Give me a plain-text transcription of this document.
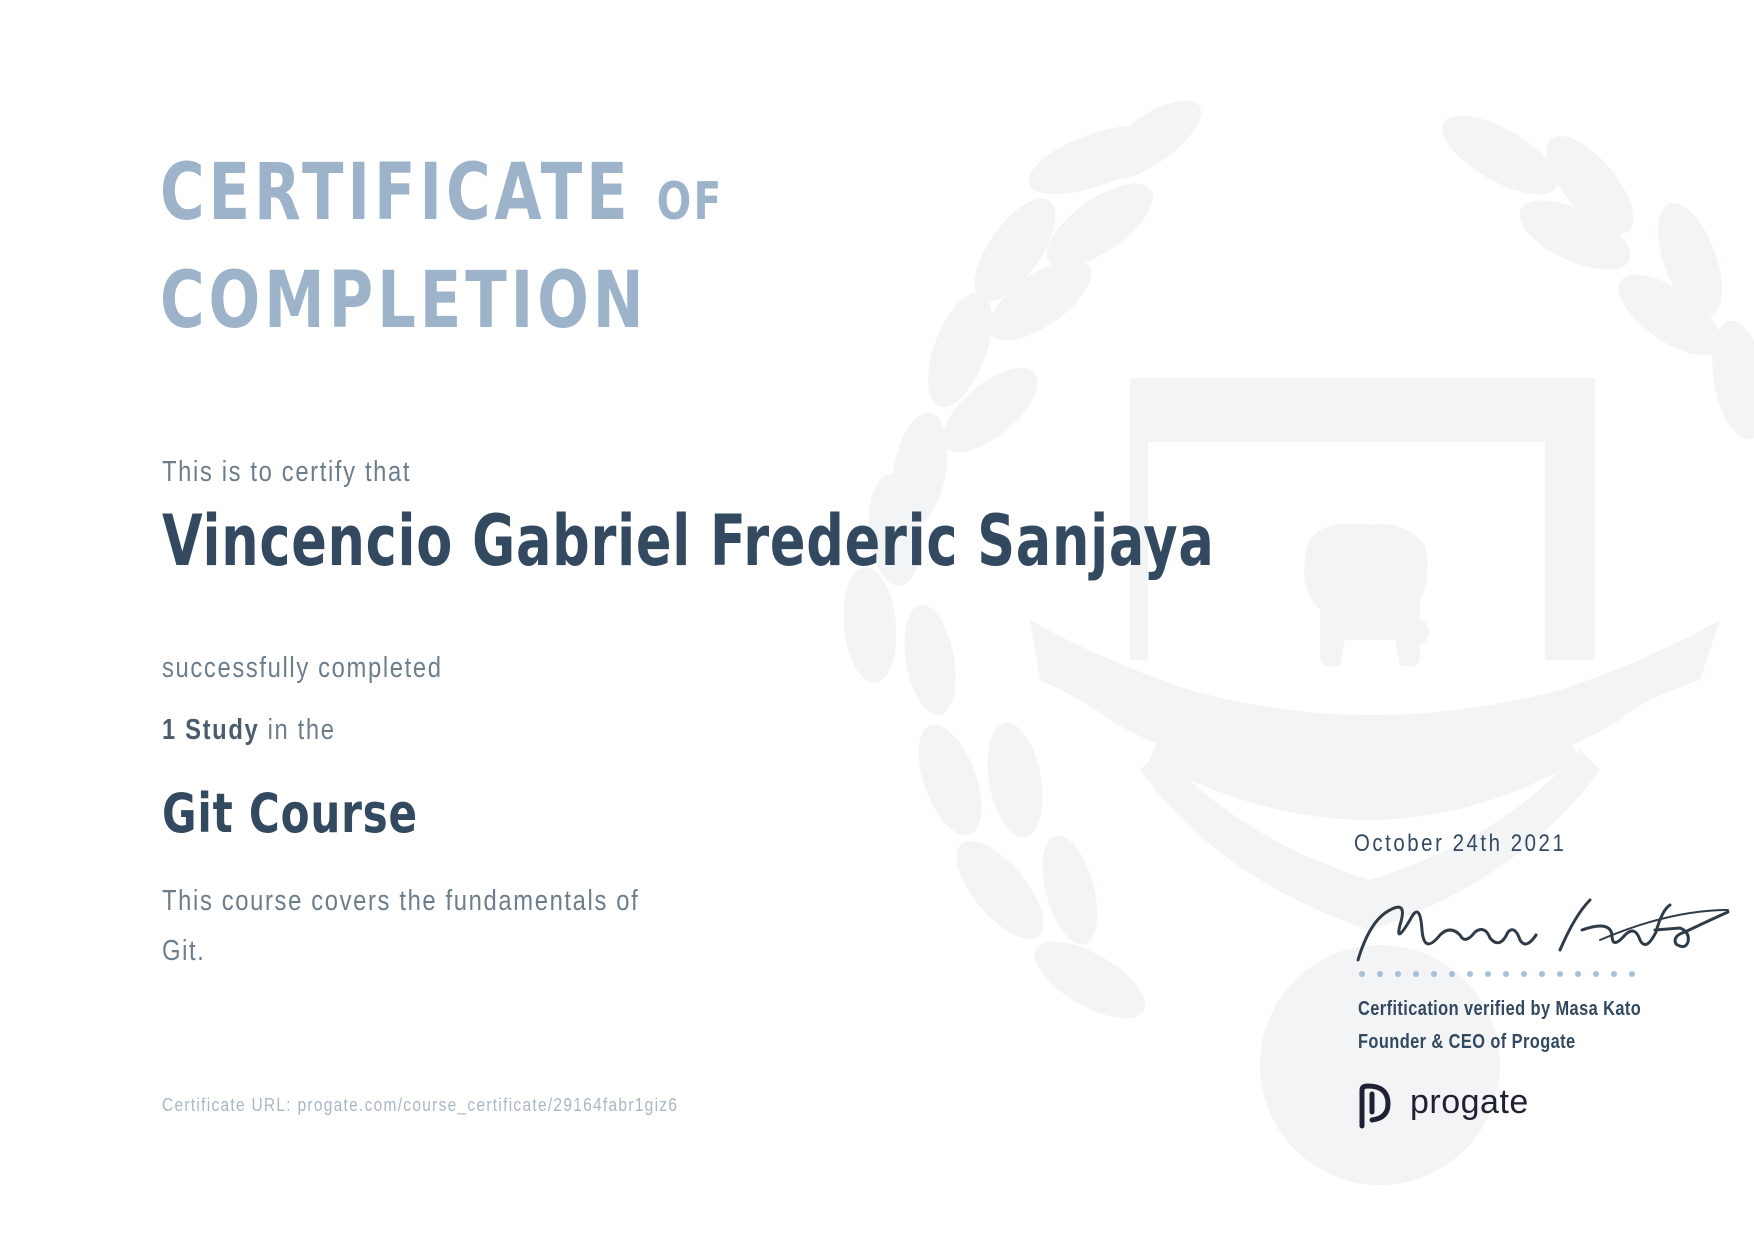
CERTIFICATE OF
COMPLETION
This is to certify that
Vincencio Gabriel Frederic Sanjaya
successfully completed
1 Study in the
Git Course

This course covers the fundamentals of Git.

Certificate URL: progate.com/course_certificate/29164fabr1giz6
October 24th 2021
Cerfitication verified by Masa Kato
Founder & CEO of Progate
progate
